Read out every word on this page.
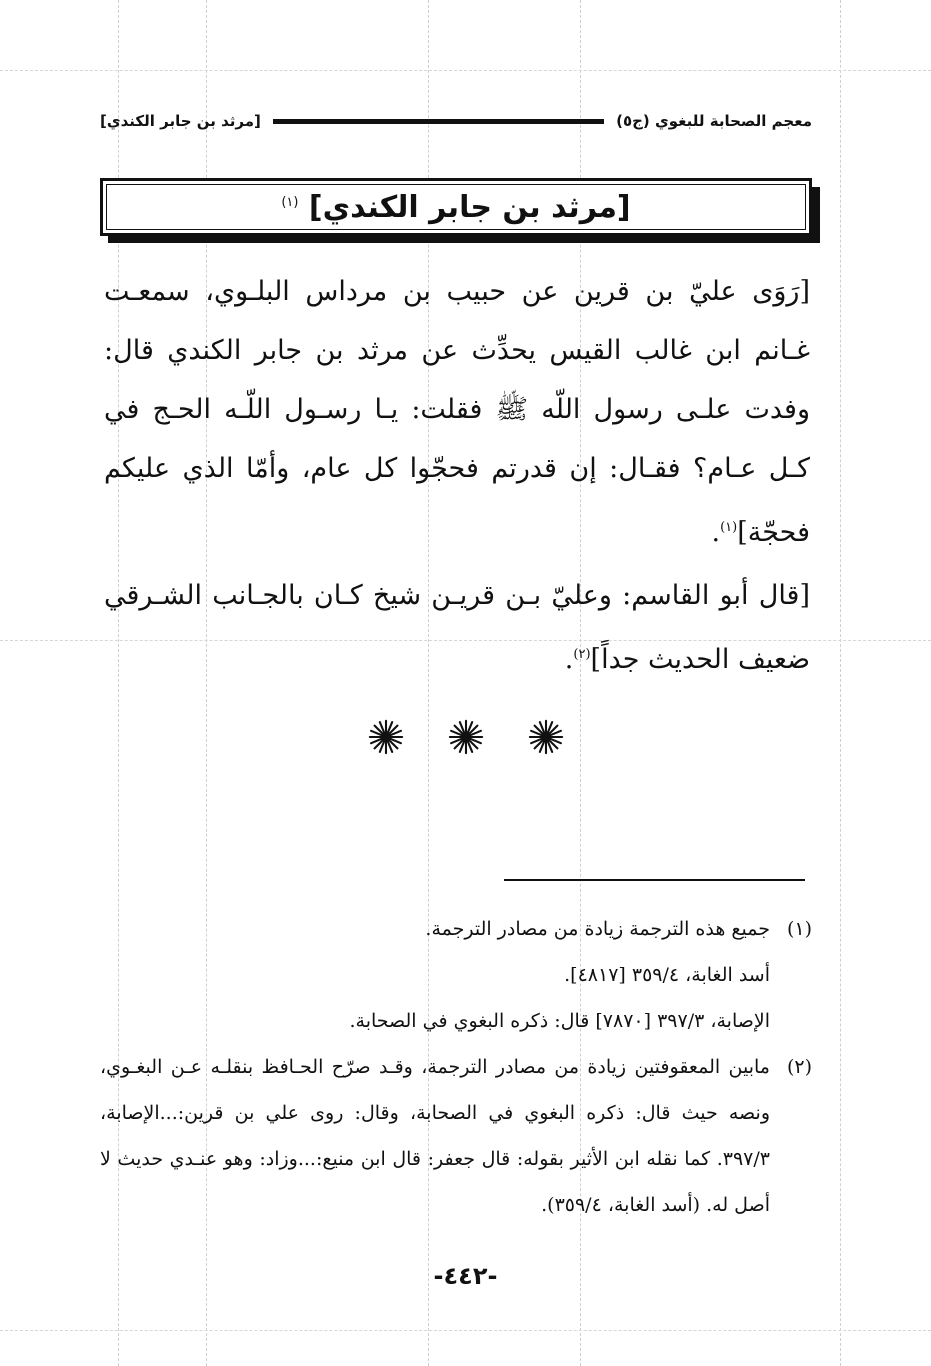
معجم الصحابة للبغوي (ج٥)
[مرثد بن جابر الكندي]
[مرثد بن جابر الكندي] $^{(١)}$

[رَوَى عليّ بن قرين عن حبيب بن مرداس البلـوي، سمعـت غـانم ابن غالب القيس يحدِّث عن مرثد بن جابر الكندي قال: وفدت علـى رسول اللّه ﷺ فقلت: يـا رسـول اللّـه الحـج في كـل عـام؟ فقـال: إن قدرتم فحجّوا كل عام، وأمّا الذي عليكم فحجّة]$^{(١)}$.

[قال أبو القاسم: وعليّ بـن قريـن شيخ كـان بالجـانب الشـرقي ضعيف الحديث جداً]$^{(٢)}$.

(١)جميع هذه الترجمة زيادة من مصادر الترجمة.

أسد الغابة، ٣٥٩/٤ [٤٨١٧].

الإصابة، ٣٩٧/٣ [٧٨٧٠] قال: ذكره البغوي في الصحابة.

(٢)مابين المعقوفتين زيادة من مصادر الترجمة، وقـد صرّح الحـافظ بنقلـه عـن البغـوي، ونصه حيث قال: ذكره البغوي في الصحابة، وقال: روى علي بن قرين:...الإصابة، ٣٩٧/٣. كما نقله ابن الأثير بقوله: قال جعفر: قال ابن منيع:...وزاد: وهو عنـدي حديث لا أصل له. (أسد الغابة، ٣٥٩/٤).

-٤٤٢-
